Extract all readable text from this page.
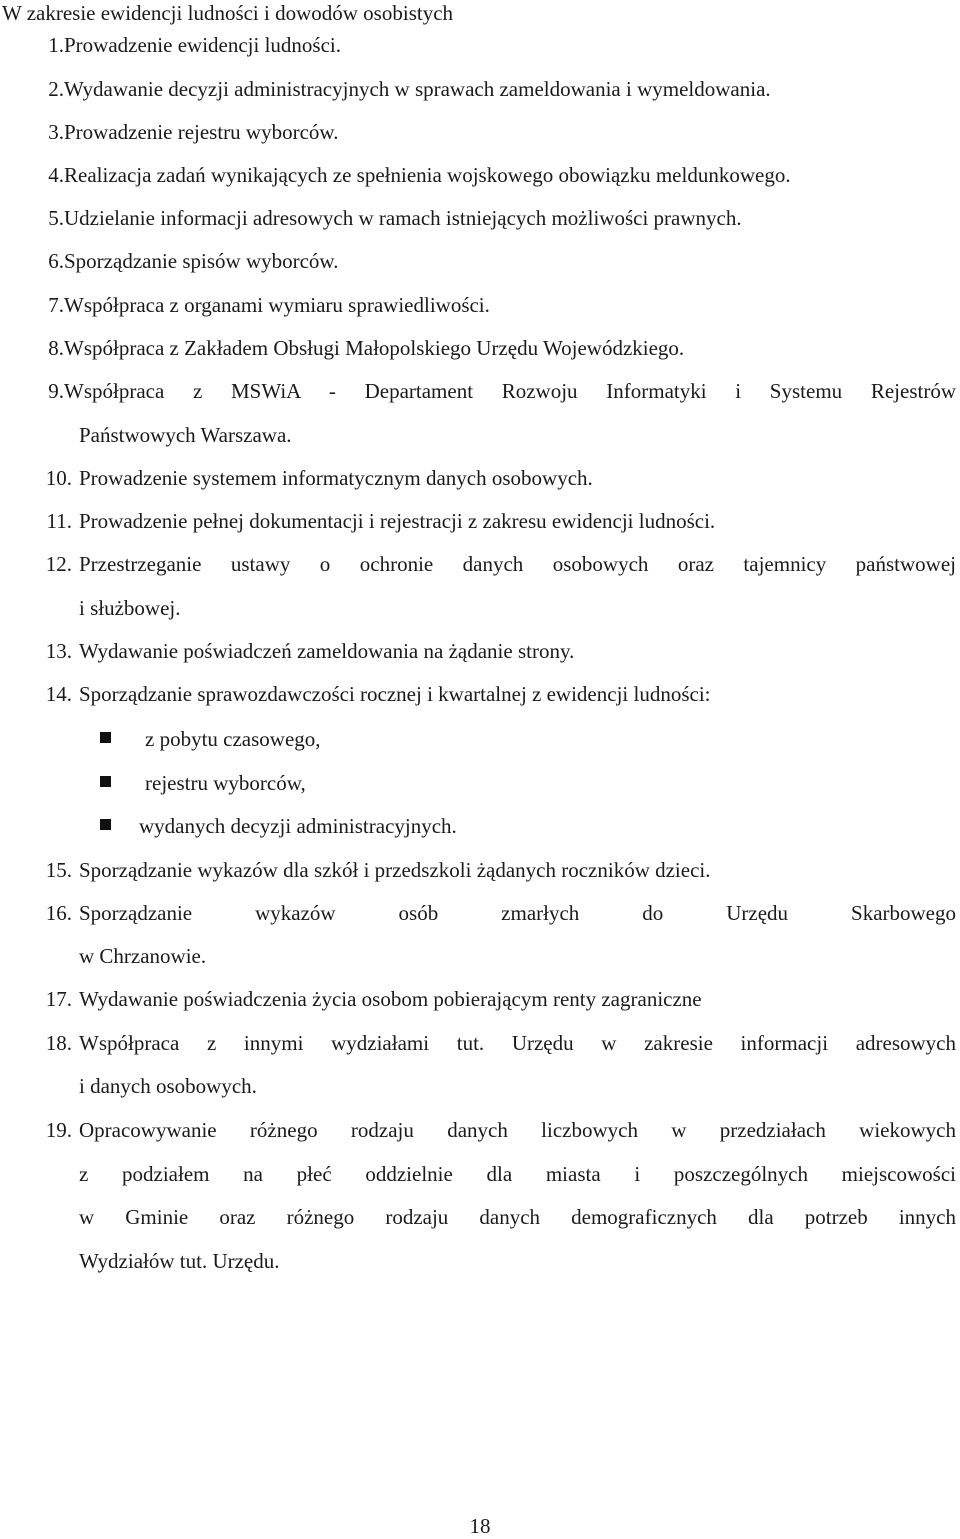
W zakresie ewidencji ludności i dowodów osobistych
1. Prowadzenie ewidencji ludności.
2. Wydawanie decyzji administracyjnych w sprawach zameldowania i wymeldowania.
3. Prowadzenie rejestru wyborców.
4. Realizacja zadań wynikających ze spełnienia wojskowego obowiązku meldunkowego.
5. Udzielanie informacji adresowych w ramach istniejących możliwości prawnych.
6. Sporządzanie spisów wyborców.
7. Współpraca z organami wymiaru sprawiedliwości.
8. Współpraca z Zakładem Obsługi Małopolskiego Urzędu Wojewódzkiego.
9. Współpraca z MSWiA - Departament Rozwoju Informatyki i Systemu Rejestrów
Państwowych Warszawa.
10. Prowadzenie systemem informatycznym danych osobowych.
11. Prowadzenie pełnej dokumentacji i rejestracji z zakresu ewidencji ludności.
12. Przestrzeganie ustawy o ochronie danych osobowych oraz tajemnicy państwowej
i służbowej.
13. Wydawanie poświadczeń zameldowania na żądanie strony.
14. Sporządzanie sprawozdawczości rocznej i kwartalnej z ewidencji ludności:
z pobytu czasowego,
rejestru wyborców,
wydanych decyzji administracyjnych.
15. Sporządzanie wykazów dla szkół i przedszkoli żądanych roczników dzieci.
16. Sporządzanie wykazów osób zmarłych do Urzędu Skarbowego
w Chrzanowie.
17. Wydawanie poświadczenia życia osobom pobierającym renty zagraniczne
18. Współpraca z innymi wydziałami tut. Urzędu w zakresie informacji adresowych
i danych osobowych.
19. Opracowywanie różnego rodzaju danych liczbowych w przedziałach wiekowych
z podziałem na płeć oddzielnie dla miasta i poszczególnych miejscowości
w Gminie oraz różnego rodzaju danych demograficznych dla potrzeb innych
Wydziałów tut. Urzędu.
18
